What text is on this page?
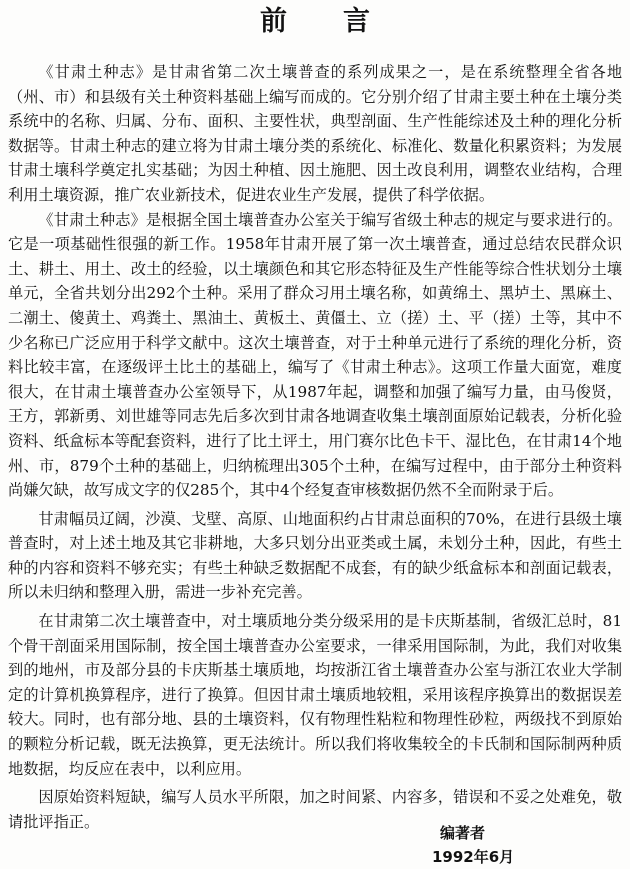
前 言

《甘肃土种志》是甘肃省第二次土壤普查的系列成果之一，是在系统整理全省各地（州、市）和县级有关土种资料基础上编写而成的。它分别介绍了甘肃主要土种在土壤分类系统中的名称、归属、分布、面积、主要性状，典型剖面、生产性能综述及土种的理化分析数据等。甘肃土种志的建立将为甘肃土壤分类的系统化、标准化、数量化积累资料；为发展甘肃土壤科学奠定扎实基础；为因土种植、因土施肥、因土改良利用，调整农业结构，合理利用土壤资源，推广农业新技术，促进农业生产发展，提供了科学依据。

《甘肃土种志》是根据全国土壤普查办公室关于编写省级土种志的规定与要求进行的。它是一项基础性很强的新工作。1958年甘肃开展了第一次土壤普查，通过总结农民群众识土、耕土、用土、改土的经验，以土壤颜色和其它形态特征及生产性能等综合性状划分土壤单元，全省共划分出292个土种。采用了群众习用土壤名称，如黄绵土、黑垆土、黑麻土、二潮土、傻黄土、鸡粪土、黑油土、黄板土、黄僵土、立（搓）土、平（搓）土等，其中不少名称已广泛应用于科学文献中。这次土壤普查，对于土种单元进行了系统的理化分析，资料比较丰富，在逐级评土比土的基础上，编写了《甘肃土种志》。这项工作量大面宽，难度很大，在甘肃土壤普查办公室领导下，从1987年起，调整和加强了编写力量，由马俊贤，王方，郭新勇、刘世雄等同志先后多次到甘肃各地调查收集土壤剖面原始记载表，分析化验资料、纸盒标本等配套资料，进行了比土评土，用门赛尔比色卡干、湿比色，在甘肃14个地州、市，879个土种的基础上，归纳梳理出305个土种，在编写过程中，由于部分土种资料尚嫌欠缺，故写成文字的仅285个，其中4个经复查审核数据仍然不全而附录于后。

甘肃幅员辽阔，沙漠、戈壁、高原、山地面积约占甘肃总面积的70%，在进行县级土壤普查时，对上述土地及其它非耕地，大多只划分出亚类或土属，未划分土种，因此，有些土种的内容和资料不够充实；有些土种缺乏数据配不成套，有的缺少纸盒标本和剖面记载表，所以未归纳和整理入册，需进一步补充完善。

在甘肃第二次土壤普查中，对土壤质地分类分级采用的是卡庆斯基制，省级汇总时，81个骨干剖面采用国际制，按全国土壤普查办公室要求，一律采用国际制，为此，我们对收集到的地州，市及部分县的卡庆斯基土壤质地，均按浙江省土壤普查办公室与浙江农业大学制定的计算机换算程序，进行了换算。但因甘肃土壤质地较粗，采用该程序换算出的数据误差较大。同时，也有部分地、县的土壤资料，仅有物理性粘粒和物理性砂粒，两级找不到原始的颗粒分析记载，既无法换算，更无法统计。所以我们将收集较全的卡氏制和国际制两种质地数据，均反应在表中，以利应用。

因原始资料短缺，编写人员水平所限，加之时间紧、内容多，错误和不妥之处难免，敬请批评指正。

编著者
1992年6月
